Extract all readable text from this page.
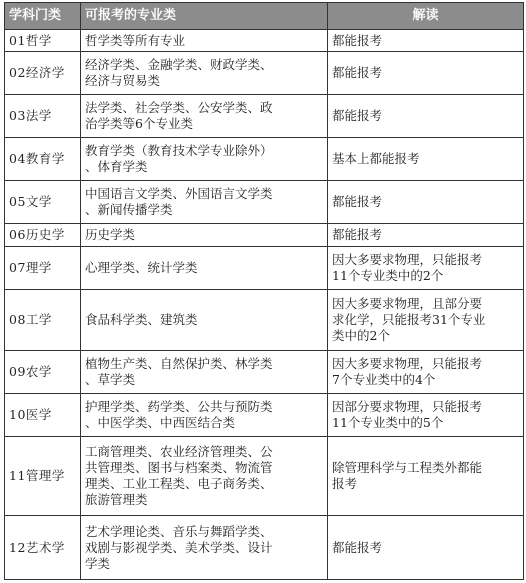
学科门类	可报考的专业类	解读
01哲学	哲学类等所有专业	都能报考

02经济学	经济学类、金融学类、财政学类、
经济与贸易类	都能报考

03法学	法学类、社会学类、公安学类、政
治学类等6个专业类	都能报考

04教育学	教育学类（教育技术学专业除外）
、体育学类	基本上都能报考

05文学	中国语言文学类、外国语言文学类
、新闻传播学类	都能报考

06历史学	历史学类	都能报考

07理学	心理学类、统计学类	因大多要求物理，只能报考
11个专业类中的2个

08工学	食品科学类、建筑类	因大多要求物理，且部分要
求化学，只能报考31个专业
类中的2个

09农学	植物生产类、自然保护类、林学类
、草学类	因大多要求物理，只能报考
7个专业类中的4个

10医学	护理学类、药学类、公共与预防类
、中医学类、中西医结合类	因部分要求物理，只能报考
11个专业类中的5个

11管理学	工商管理类、农业经济管理类、公
共管理类、图书与档案类、物流管
理类、工业工程类、电子商务类、
旅游管理类	除管理科学与工程类外都能
报考

12艺术学	艺术学理论类、音乐与舞蹈学类、
戏剧与影视学类、美术学类、设计
学类	都能报考
